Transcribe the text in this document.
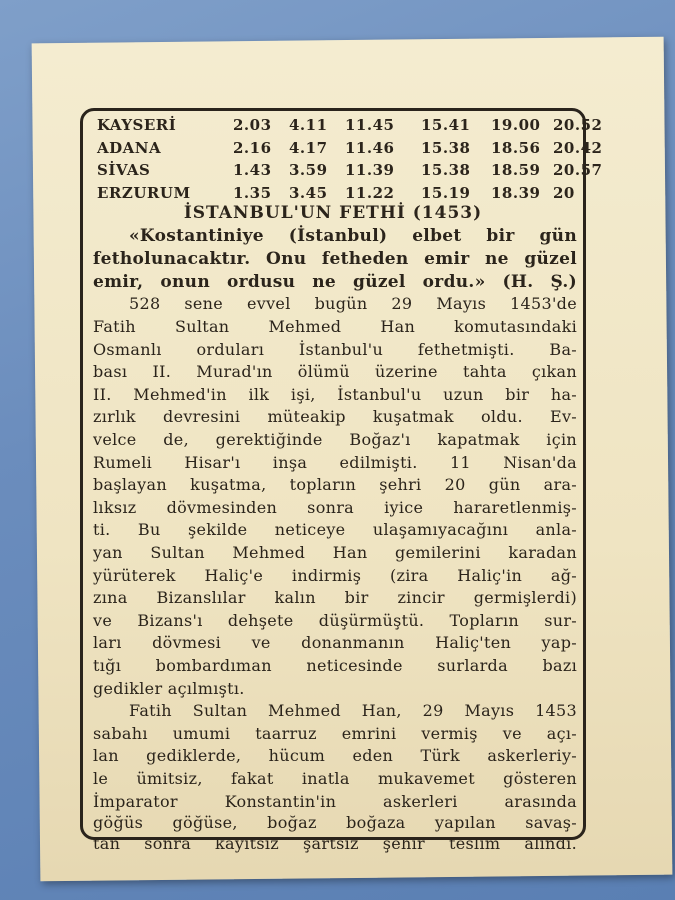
İSTANBUL'UN FETHİ (1453)
KAYSERİ	2.03 4.11 11.45 15.41 19.00 20.52
ADANA	2.16 4.17 11.46 15.38 18.56 20.42
SİVAS	1.43 3.59 11.39 15.38 18.59 20.57
ERZURUM	1.35 3.45 11.22 15.19 18.39 20
«Kostantiniye (İstanbul) elbet bir gün
fetholunacaktır. Onu fetheden emir ne güzel
emir, onun ordusu ne güzel ordu.» (H. Ş.)
528 sene evvel bugün 29 Mayıs 1453'de
Fatih Sultan Mehmed Han komutasındaki
Osmanlı orduları İstanbul'u fethetmişti. Ba-
bası II. Murad'ın ölümü üzerine tahta çıkan
II. Mehmed'in ilk işi, İstanbul'u uzun bir ha-
zırlık devresini müteakip kuşatmak oldu. Ev-
velce de, gerektiğinde Boğaz'ı kapatmak için
Rumeli Hisar'ı inşa edilmişti. 11 Nisan'da
başlayan kuşatma, topların şehri 20 gün ara-
lıksız dövmesinden sonra iyice hararetlenmiş-
ti. Bu şekilde neticeye ulaşamıyacağını anla-
yan Sultan Mehmed Han gemilerini karadan
yürüterek Haliç'e indirmiş (zira Haliç'in ağ-
zına Bizanslılar kalın bir zincir germişlerdi)
ve Bizans'ı dehşete düşürmüştü. Topların sur-
ları dövmesi ve donanmanın Haliç'ten yap-
tığı bombardıman neticesinde surlarda bazı
gedikler açılmıştı.
Fatih Sultan Mehmed Han, 29 Mayıs 1453
sabahı umumi taarruz emrini vermiş ve açı-
lan gediklerde, hücum eden Türk askerleriy-
le ümitsiz, fakat inatla mukavemet gösteren
İmparator Konstantin'in askerleri arasında
göğüs göğüse, boğaz boğaza yapılan savaş-
tan sonra kayıtsız şartsız şehir teslim alındı.
